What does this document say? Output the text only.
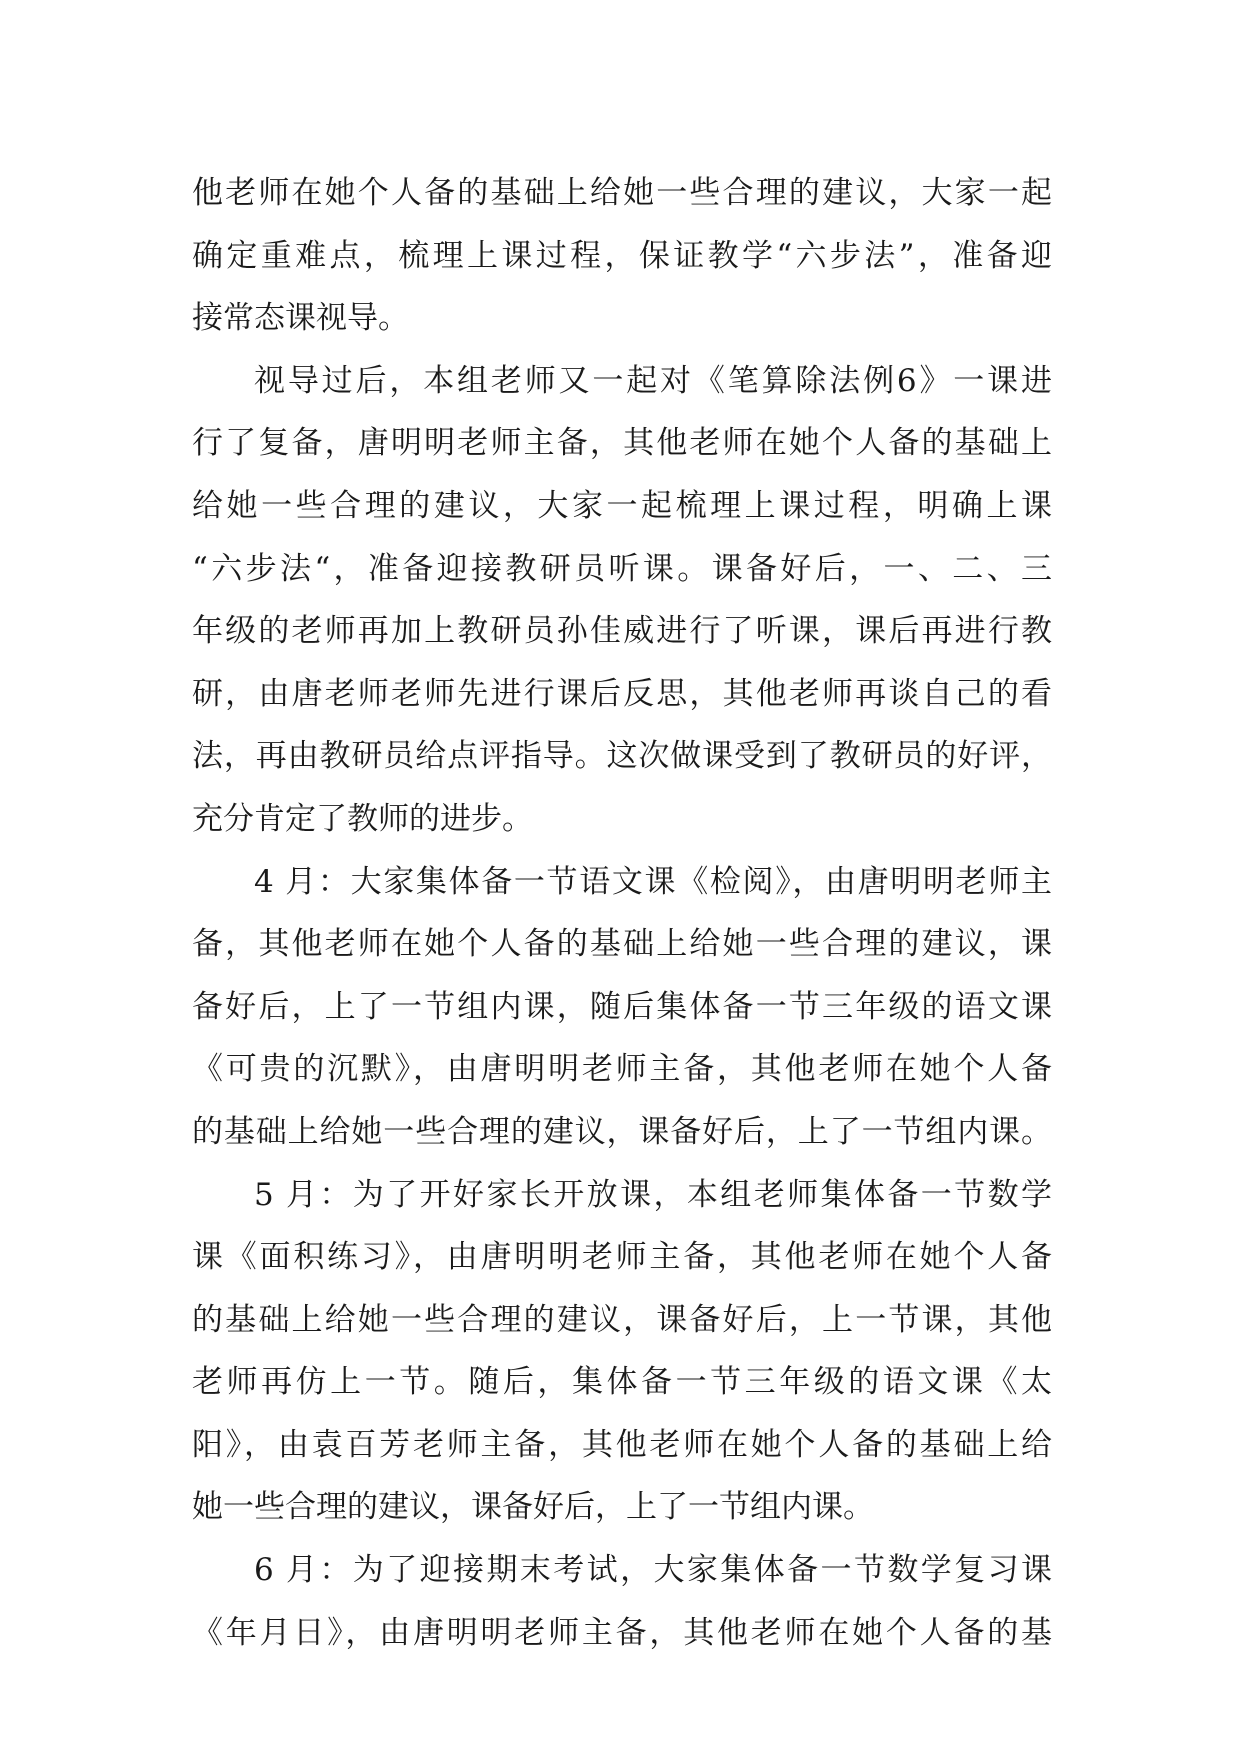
他老师在她个人备的基础上给她一些合理的建议，大家一起
确定重难点，梳理上课过程，保证教学“六步法”，准备迎
接常态课视导。
视导过后，本组老师又一起对《笔算除法例6》一课进
行了复备，唐明明老师主备，其他老师在她个人备的基础上
给她一些合理的建议，大家一起梳理上课过程，明确上课
“六步法“，准备迎接教研员听课。课备好后，一、二、三
年级的老师再加上教研员孙佳威进行了听课，课后再进行教
研，由唐老师老师先进行课后反思，其他老师再谈自己的看
法，再由教研员给点评指导。这次做课受到了教研员的好评，
充分肯定了教师的进步。
4 月：大家集体备一节语文课《检阅》，由唐明明老师主
备，其他老师在她个人备的基础上给她一些合理的建议，课
备好后，上了一节组内课，随后集体备一节三年级的语文课
《可贵的沉默》，由唐明明老师主备，其他老师在她个人备
的基础上给她一些合理的建议，课备好后，上了一节组内课。
5 月：为了开好家长开放课，本组老师集体备一节数学
课《面积练习》，由唐明明老师主备，其他老师在她个人备
的基础上给她一些合理的建议，课备好后，上一节课，其他
老师再仿上一节。随后，集体备一节三年级的语文课《太
阳》，由袁百芳老师主备，其他老师在她个人备的基础上给
她一些合理的建议，课备好后，上了一节组内课。
6 月：为了迎接期末考试，大家集体备一节数学复习课
《年月日》，由唐明明老师主备，其他老师在她个人备的基
